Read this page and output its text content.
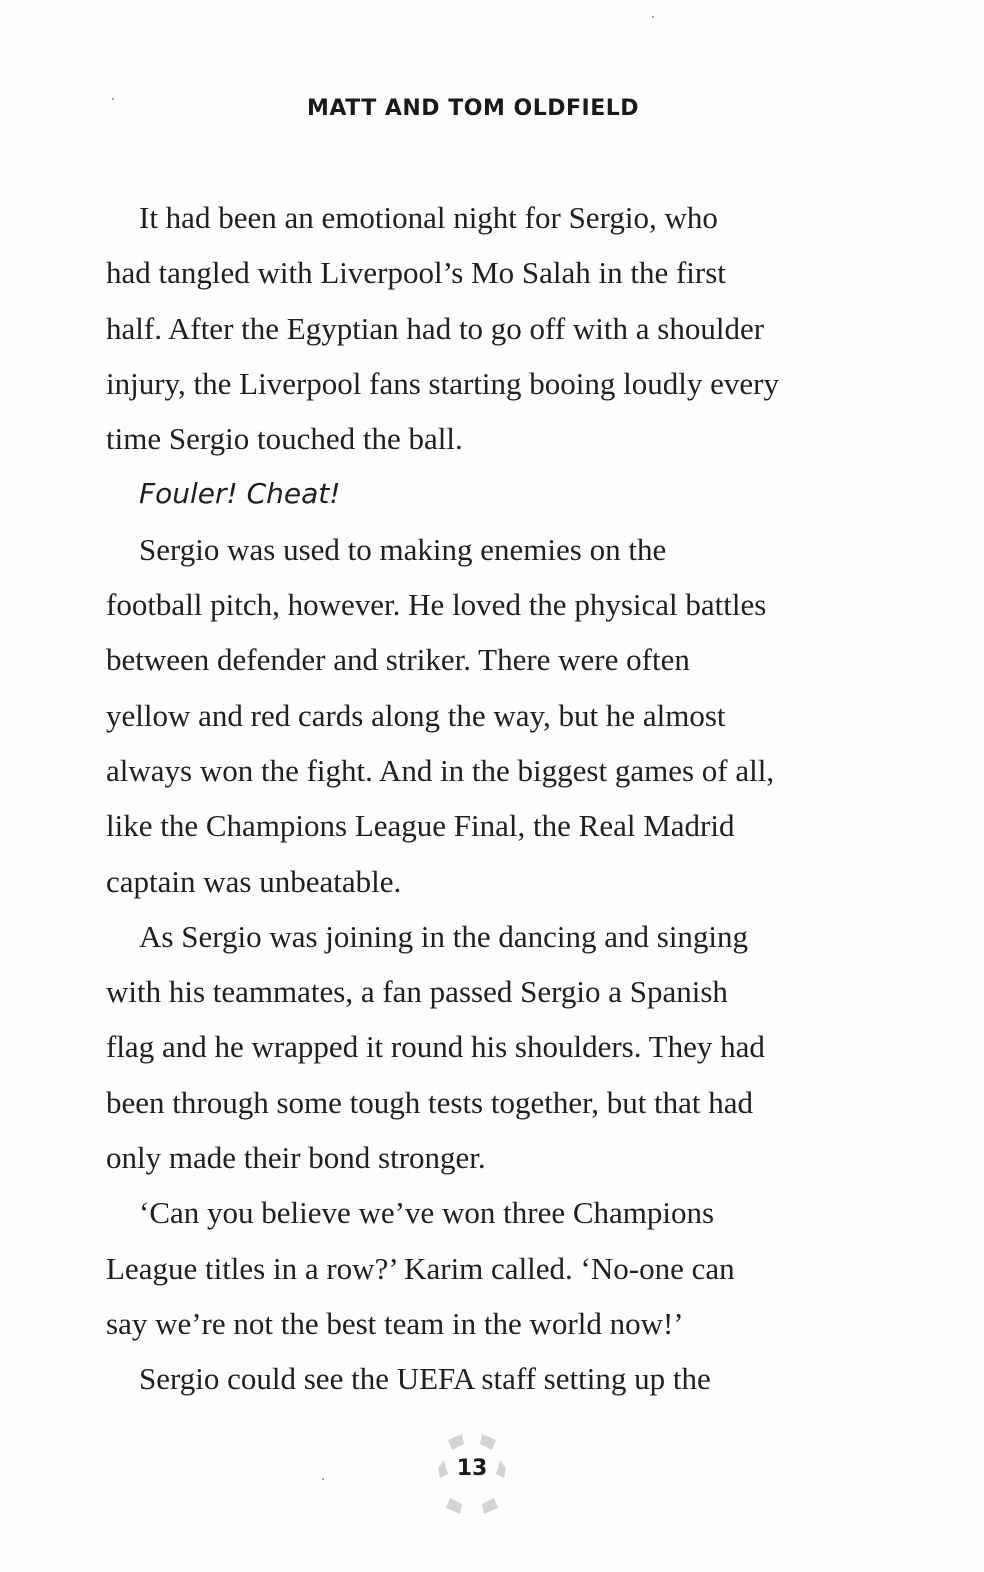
MATT AND TOM OLDFIELD
It had been an emotional night for Sergio, who
had tangled with Liverpool’s Mo Salah in the first
half. After the Egyptian had to go off with a shoulder
injury, the Liverpool fans starting booing loudly every
time Sergio touched the ball.
Fouler! Cheat!
Sergio was used to making enemies on the
football pitch, however. He loved the physical battles
between defender and striker. There were often
yellow and red cards along the way, but he almost
always won the fight. And in the biggest games of all,
like the Champions League Final, the Real Madrid
captain was unbeatable.
As Sergio was joining in the dancing and singing
with his teammates, a fan passed Sergio a Spanish
flag and he wrapped it round his shoulders. They had
been through some tough tests together, but that had
only made their bond stronger.
‘Can you believe we’ve won three Champions
League titles in a row?’ Karim called. ‘No-one can
say we’re not the best team in the world now!’
Sergio could see the UEFA staff setting up the
13
